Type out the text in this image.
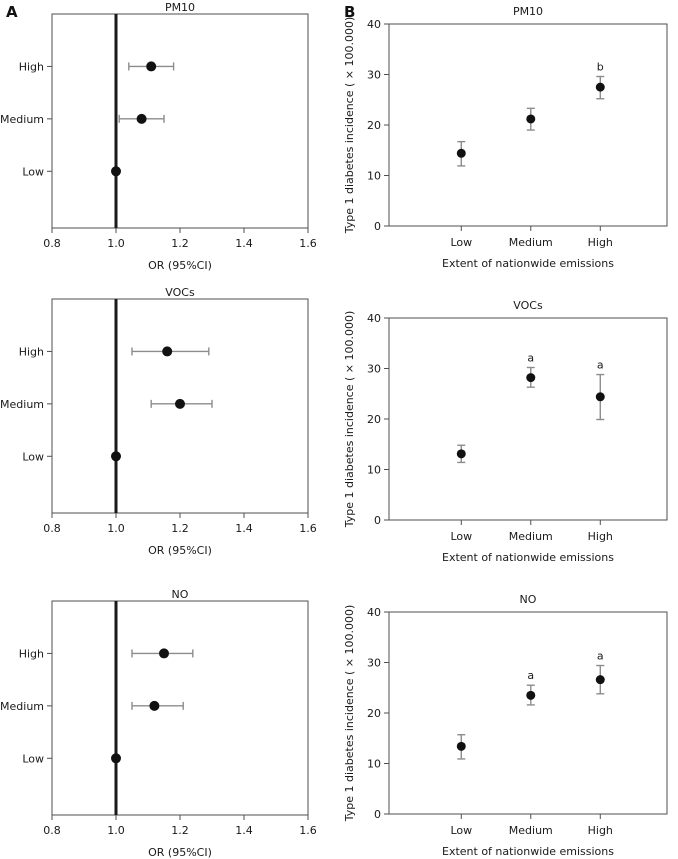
A	B
PM10
0.8	1.0	1.2	1.4	1.6
OR (95%CI)
High
Medium
Low
PM10
0
10
20
30
40
Type 1 diabetes incidence ( × 100.000)
Low	Medium	High
b
Extent of nationwide emissions
VOCs
0.8	1.0	1.2	1.4	1.6
OR (95%CI)
High
Medium
Low
VOCs
0
10
20
30
40
Type 1 diabetes incidence ( × 100.000)
Low	Medium
a
High
a
Extent of nationwide emissions
NO
0.8	1.0	1.2	1.4	1.6
OR (95%CI)
High
Medium
Low
NO
0
10
20
30
40
Type 1 diabetes incidence ( × 100.000)
Low	Medium
a
High
a
Extent of nationwide emissions
